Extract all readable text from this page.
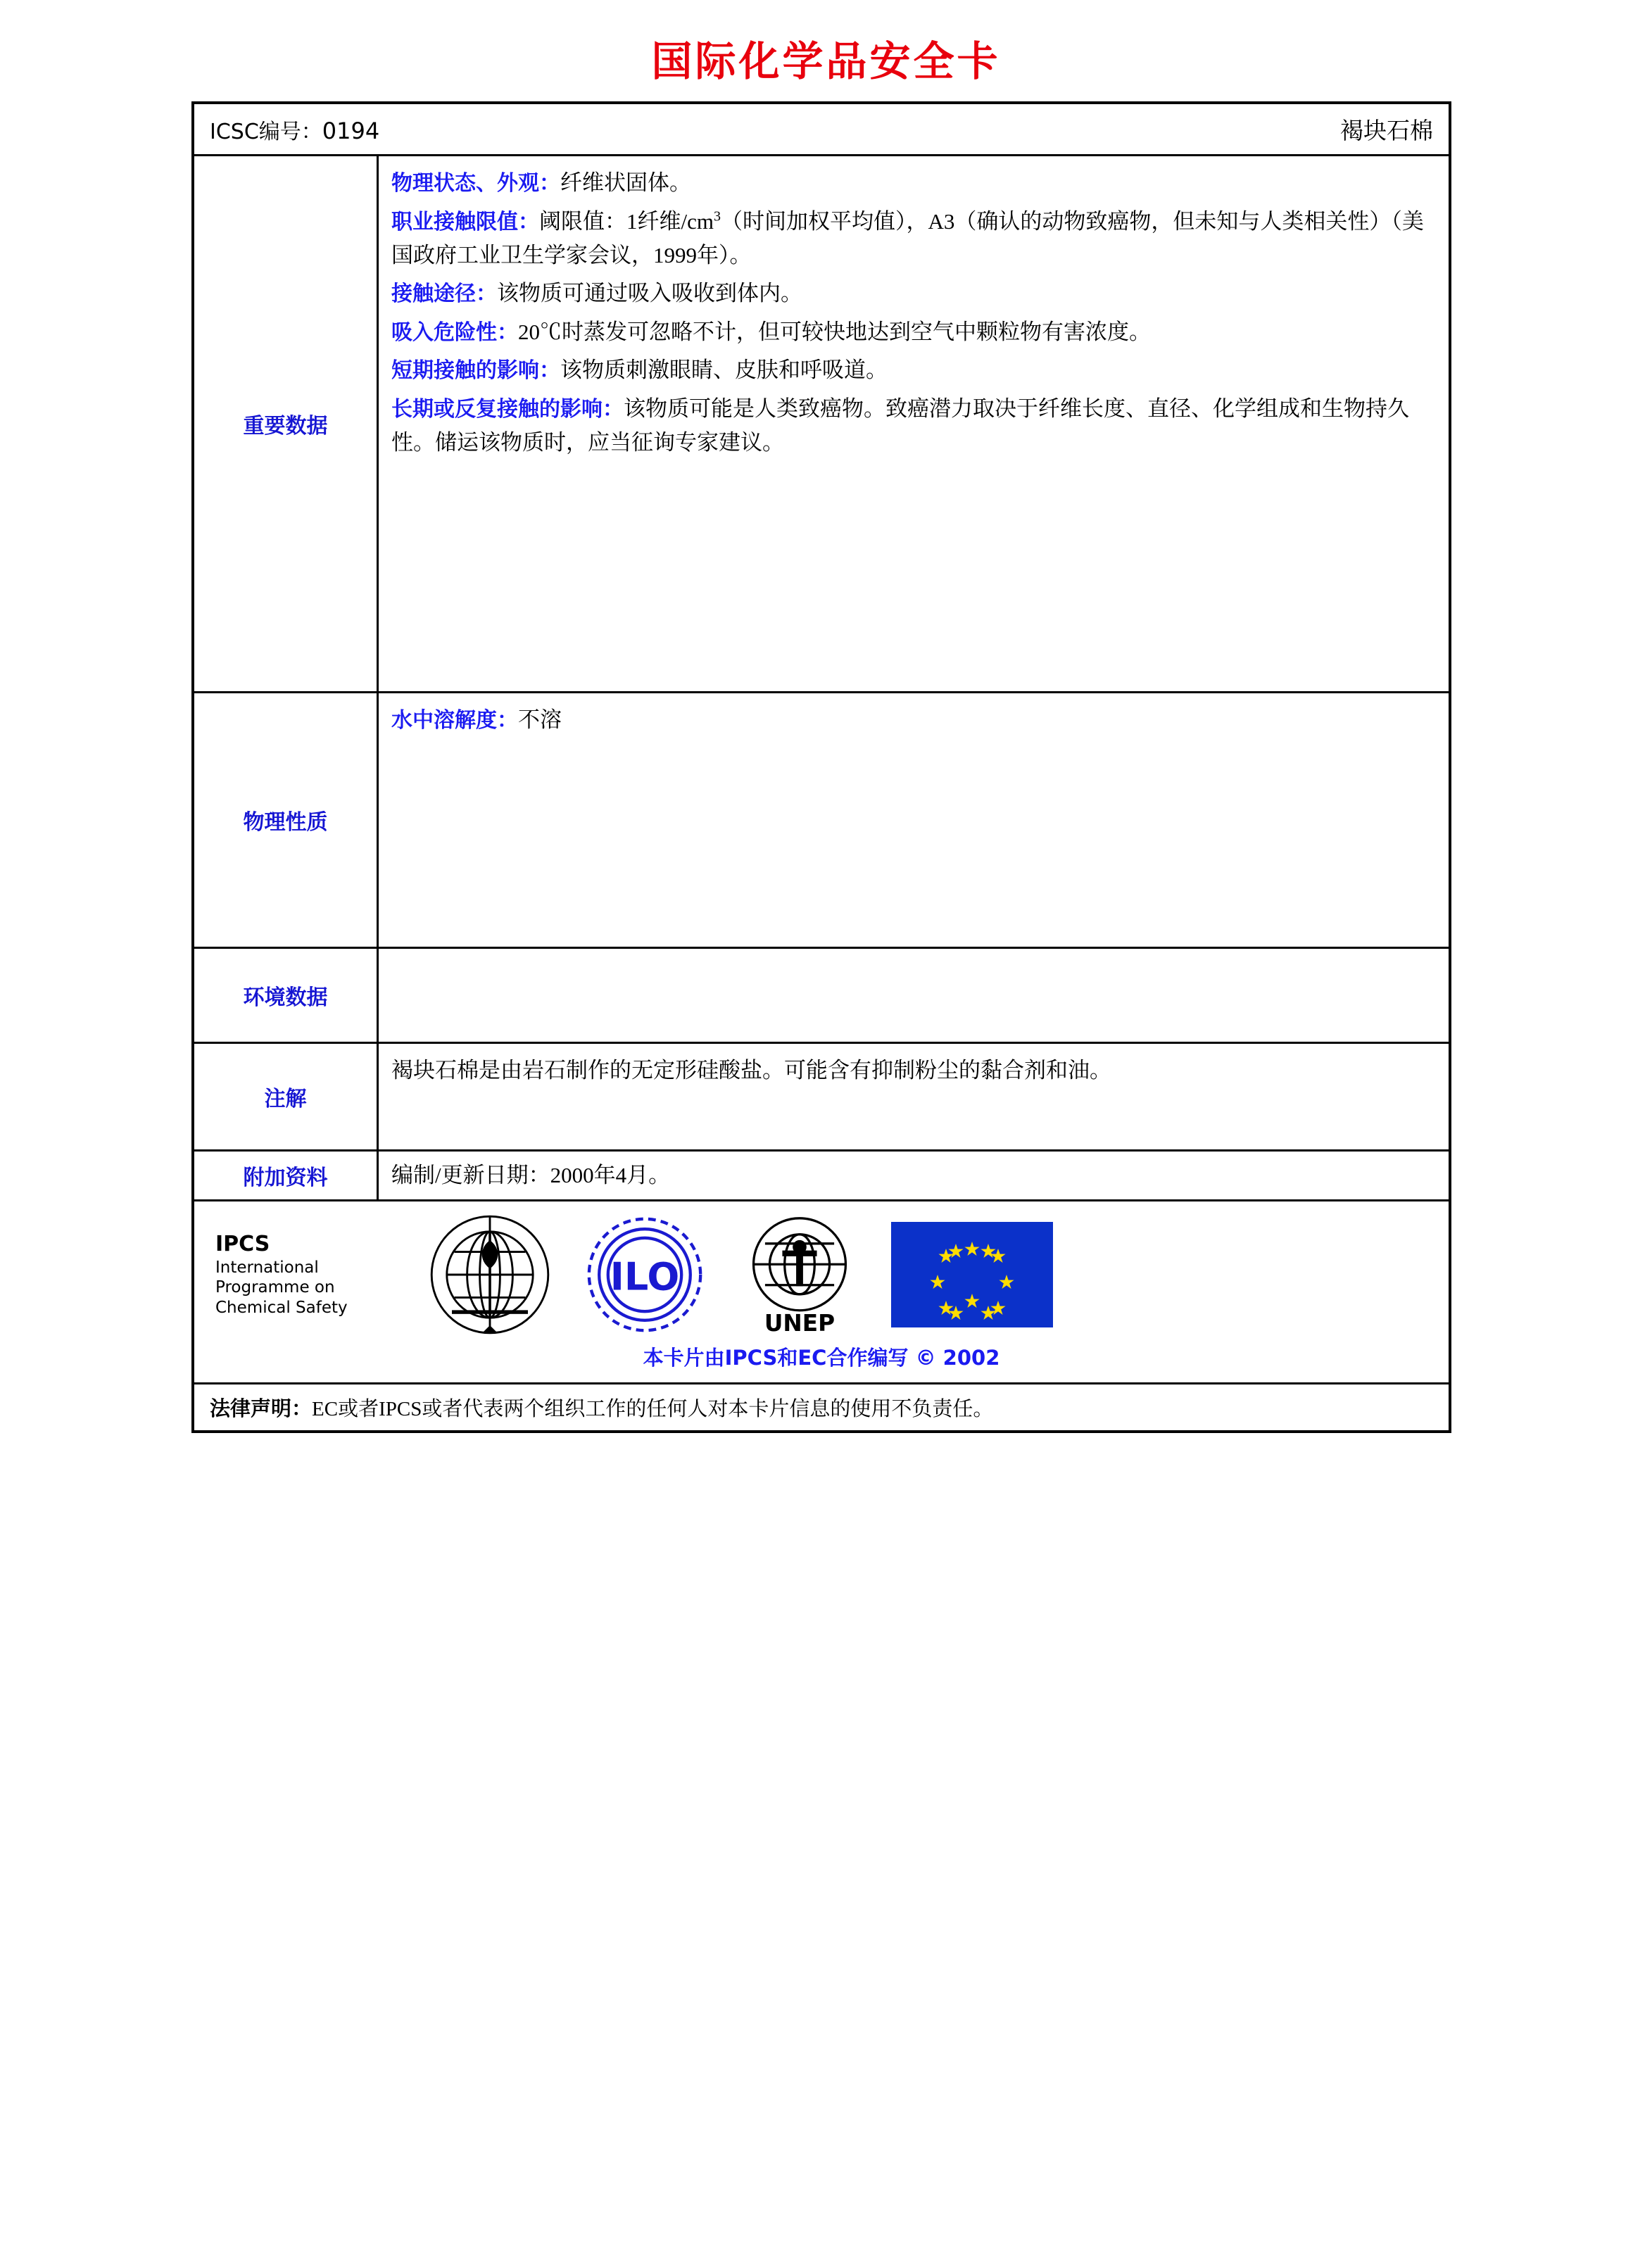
国际化学品安全卡
ICSC编号：0194	褐块石棉
重要数据
物理状态、外观：纤维状固体。
职业接触限值：阈限值：1纤维$/cm^3$（时间加权平均值），A3（确认的动物致癌物，但未知与人类相关性）（美国政府工业卫生学家会议，1999年）。
接触途径：该物质可通过吸入吸收到体内。
吸入危险性：20℃时蒸发可忽略不计，但可较快地达到空气中颗粒物有害浓度。
短期接触的影响：该物质刺激眼睛、皮肤和呼吸道。
长期或反复接触的影响：该物质可能是人类致癌物。致癌潜力取决于纤维长度、直径、化学组成和生物持久性。储运该物质时，应当征询专家建议。
物理性质
水中溶解度：不溶
环境数据
注解
褐块石棉是由岩石制作的无定形硅酸盐。可能含有抑制粉尘的黏合剂和油。
附加资料	编制/更新日期：2000年4月。
IPCS
International
Programme on
Chemical Safety
ILO
UNEP
本卡片由IPCS和EC合作编写 © 2002
法律声明：EC或者IPCS或者代表两个组织工作的任何人对本卡片信息的使用不负责任。
